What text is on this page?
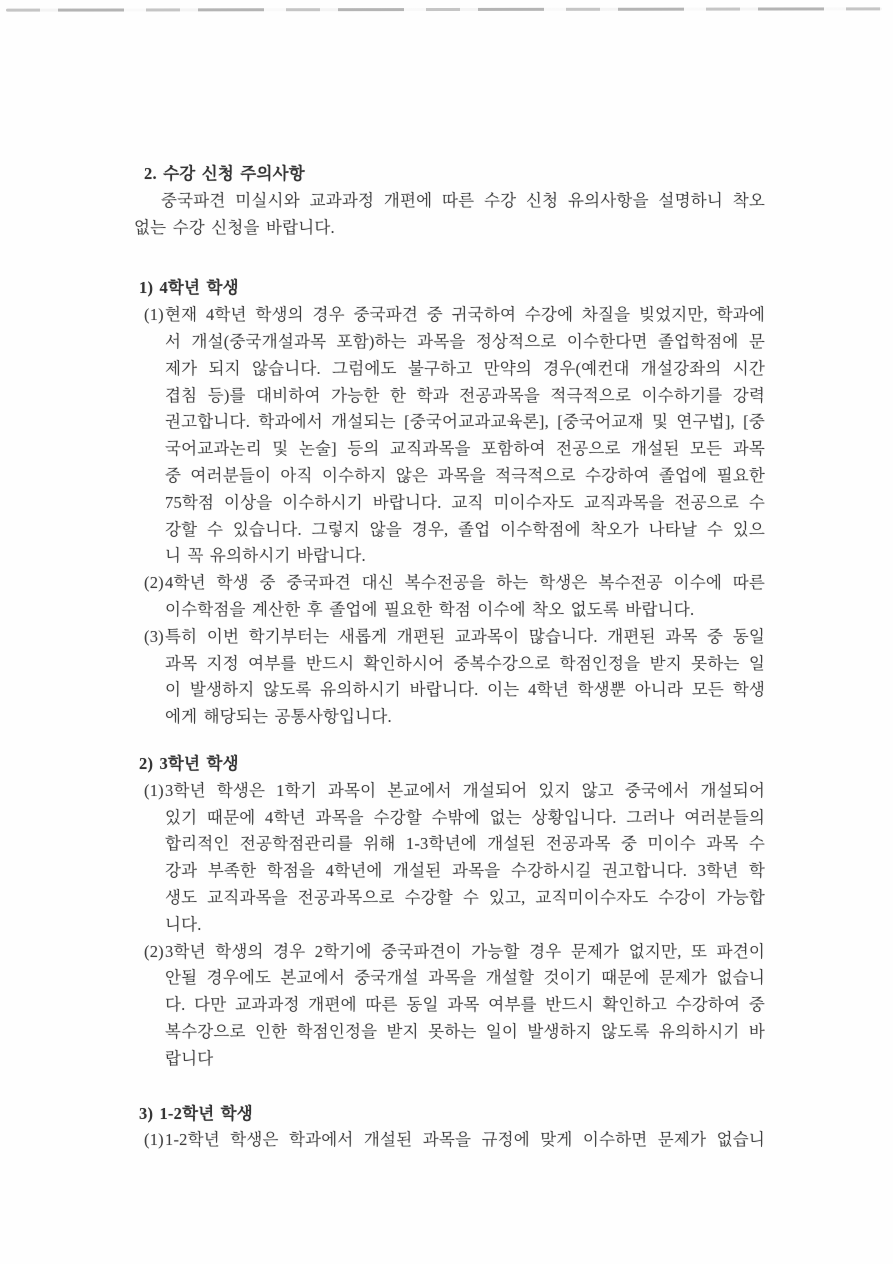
2. 수강 신청 주의사항
중국파견 미실시와 교과과정 개편에 따른 수강 신청 유의사항을 설명하니 착오
없는 수강 신청을 바랍니다.
1) 4학년 학생
(1) 현재 4학년 학생의 경우 중국파견 중 귀국하여 수강에 차질을 빚었지만, 학과에
서 개설(중국개설과목 포함)하는 과목을 정상적으로 이수한다면 졸업학점에 문
제가 되지 않습니다. 그럼에도 불구하고 만약의 경우(예컨대 개설강좌의 시간
겹침 등)를 대비하여 가능한 한 학과 전공과목을 적극적으로 이수하기를 강력
권고합니다. 학과에서 개설되는 [중국어교과교육론], [중국어교재 및 연구법], [중
국어교과논리 및 논술] 등의 교직과목을 포함하여 전공으로 개설된 모든 과목
중 여러분들이 아직 이수하지 않은 과목을 적극적으로 수강하여 졸업에 필요한
75학점 이상을 이수하시기 바랍니다. 교직 미이수자도 교직과목을 전공으로 수
강할 수 있습니다. 그렇지 않을 경우, 졸업 이수학점에 착오가 나타날 수 있으
니 꼭 유의하시기 바랍니다.
(2) 4학년 학생 중 중국파견 대신 복수전공을 하는 학생은 복수전공 이수에 따른
이수학점을 계산한 후 졸업에 필요한 학점 이수에 착오 없도록 바랍니다.
(3) 특히 이번 학기부터는 새롭게 개편된 교과목이 많습니다. 개편된 과목 중 동일
과목 지정 여부를 반드시 확인하시어 중복수강으로 학점인정을 받지 못하는 일
이 발생하지 않도록 유의하시기 바랍니다. 이는 4학년 학생뿐 아니라 모든 학생
에게 해당되는 공통사항입니다.
2) 3학년 학생
(1) 3학년 학생은 1학기 과목이 본교에서 개설되어 있지 않고 중국에서 개설되어
있기 때문에 4학년 과목을 수강할 수밖에 없는 상황입니다. 그러나 여러분들의
합리적인 전공학점관리를 위해 1-3학년에 개설된 전공과목 중 미이수 과목 수
강과 부족한 학점을 4학년에 개설된 과목을 수강하시길 권고합니다. 3학년 학
생도 교직과목을 전공과목으로 수강할 수 있고, 교직미이수자도 수강이 가능합
니다.
(2) 3학년 학생의 경우 2학기에 중국파견이 가능할 경우 문제가 없지만, 또 파견이
안될 경우에도 본교에서 중국개설 과목을 개설할 것이기 때문에 문제가 없습니
다. 다만 교과과정 개편에 따른 동일 과목 여부를 반드시 확인하고 수강하여 중
복수강으로 인한 학점인정을 받지 못하는 일이 발생하지 않도록 유의하시기 바
랍니다
3) 1-2학년 학생
(1) 1-2학년 학생은 학과에서 개설된 과목을 규정에 맞게 이수하면 문제가 없습니
